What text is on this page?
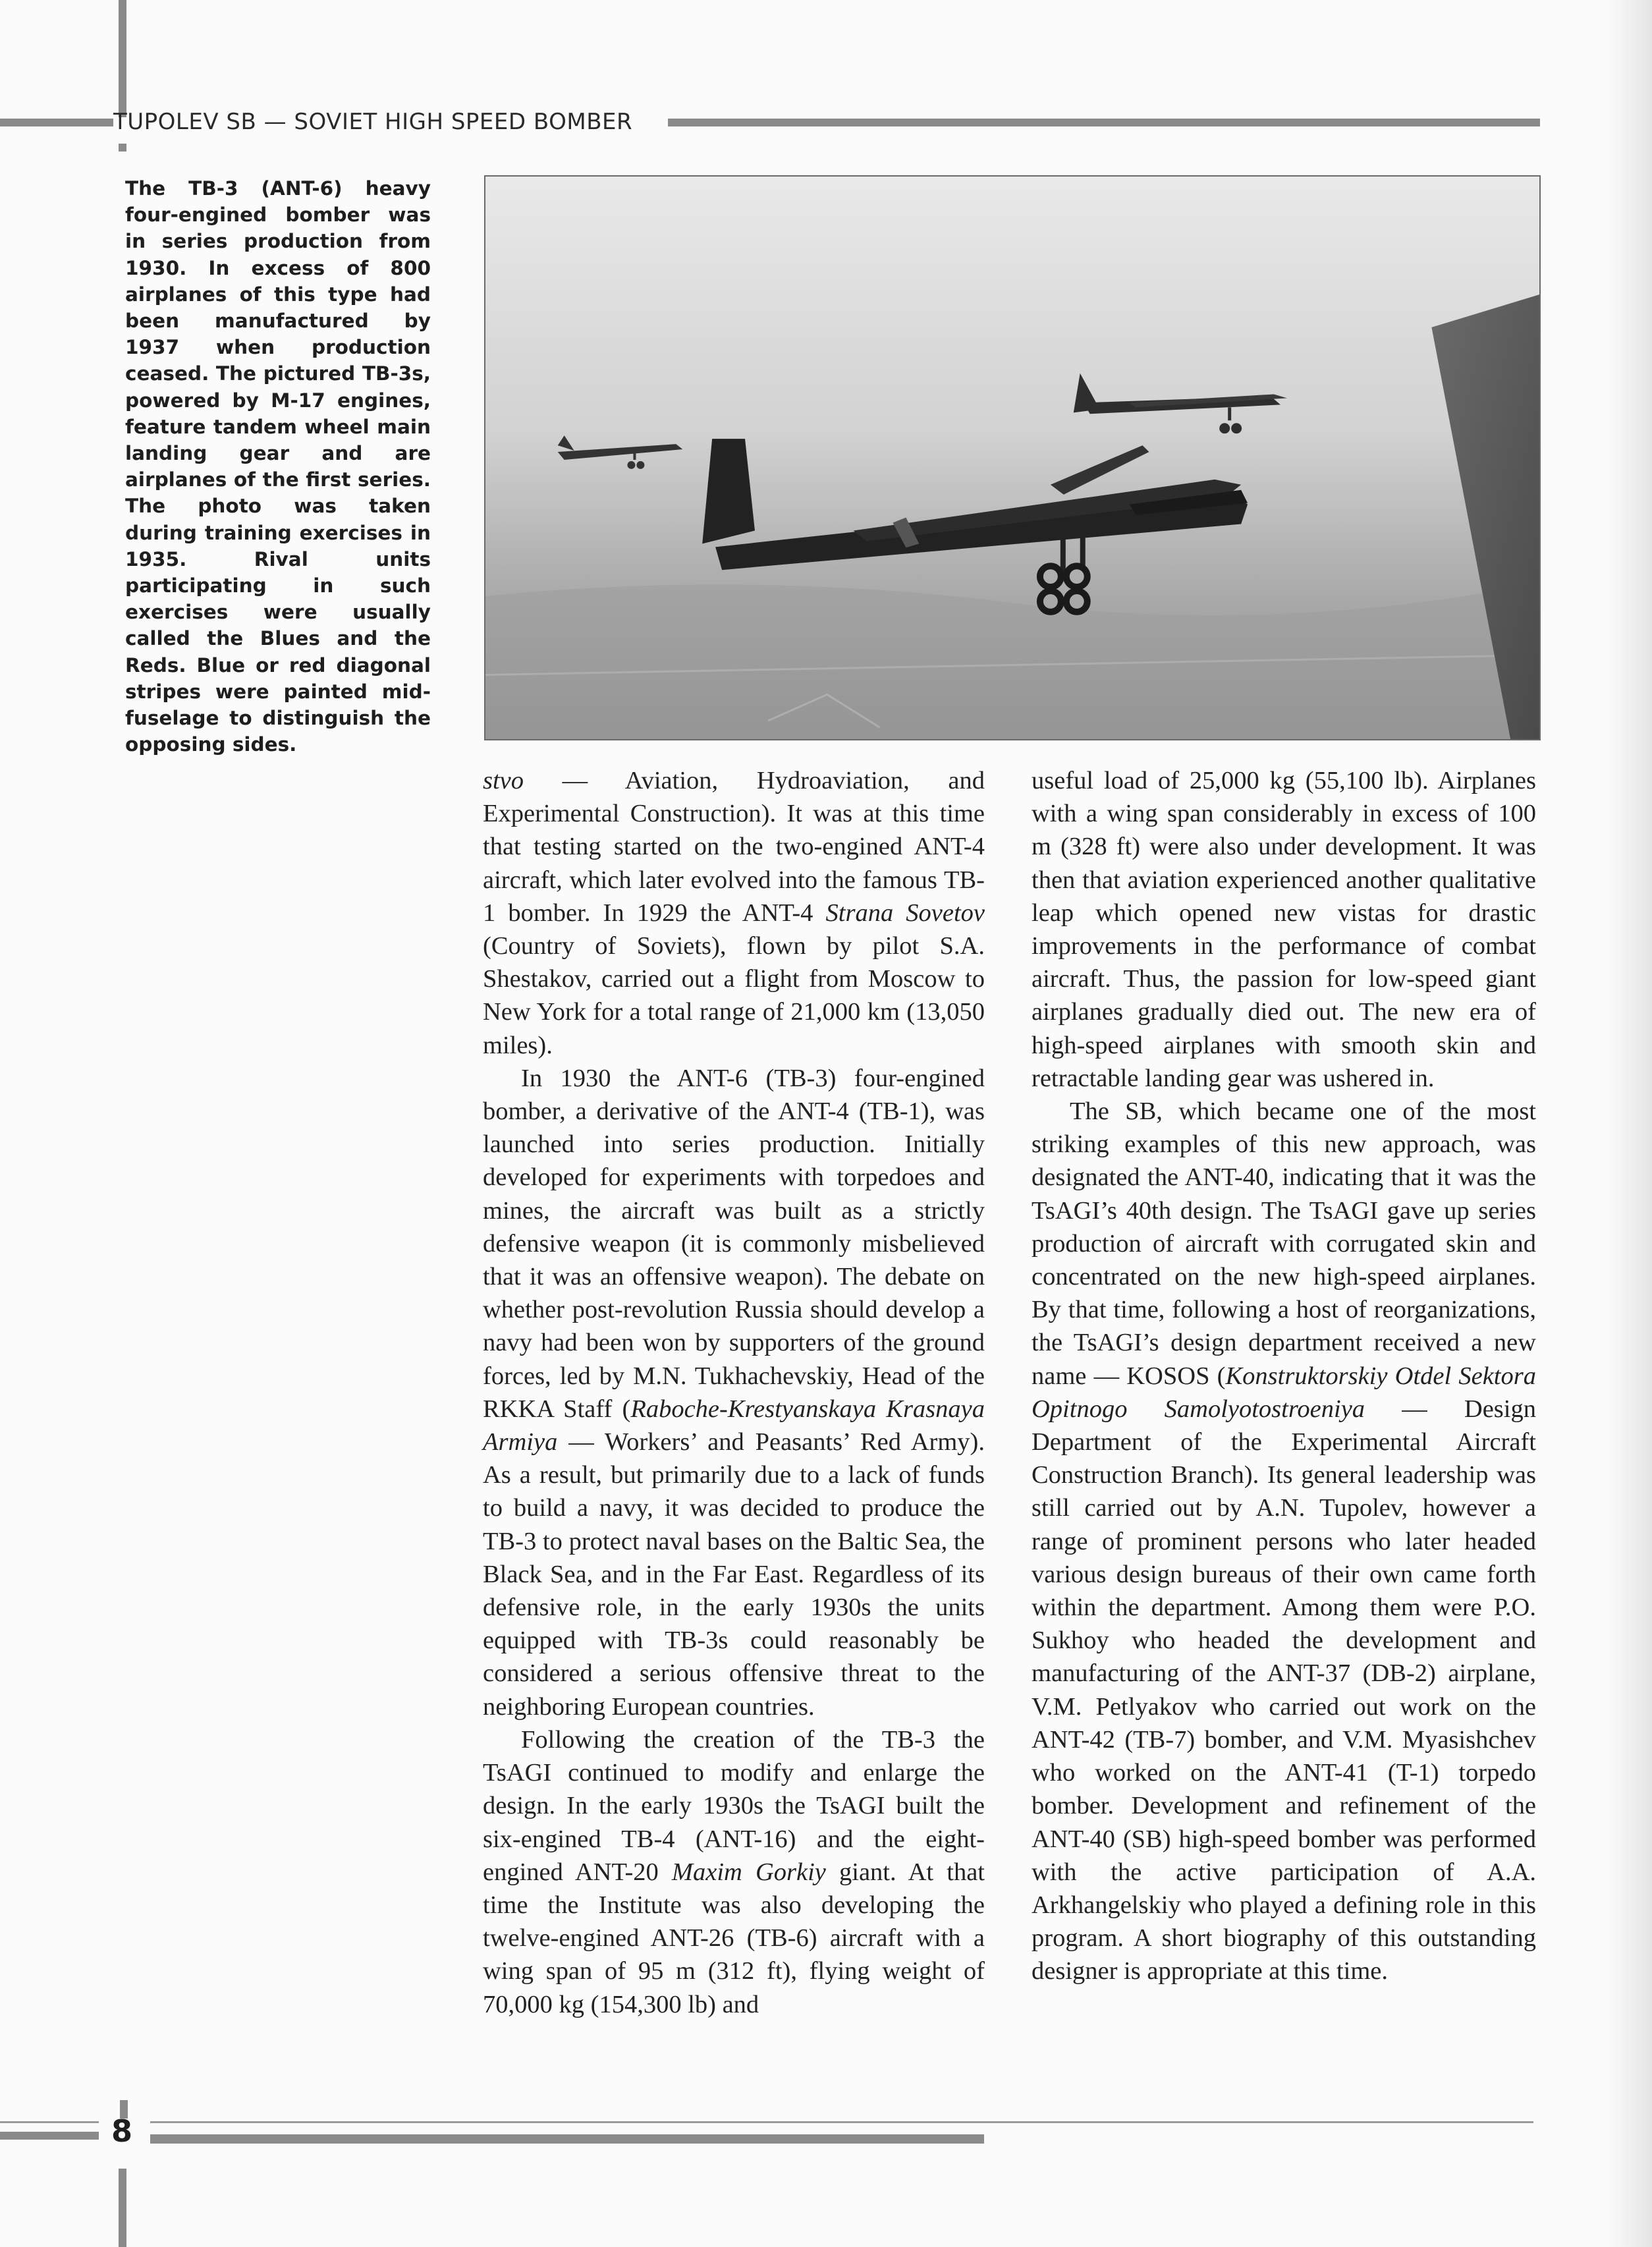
TUPOLEV SB — SOVIET HIGH SPEED BOMBER
The TB-3 (ANT-6) heavy four-engined bomber was in series production from 1930. In excess of 800 airplanes of this type had been manufactured by 1937 when production ceased. The pictured TB-3s, powered by M-17 engines, feature tandem wheel main landing gear and are airplanes of the first series. The photo was taken during training exercises in 1935. Rival units participating in such exercises were usually called the Blues and the Reds. Blue or red diagonal stripes were painted mid-fuselage to distinguish the opposing sides.

stvo — Aviation, Hydroaviation, and Experimental Construction). It was at this time that testing started on the two-engined ANT-4 aircraft, which later evolved into the famous TB-1 bomber. In 1929 the ANT-4 Strana Sovetov (Country of Soviets), flown by pilot S.A. Shestakov, carried out a flight from Moscow to New York for a total range of 21,000 km (13,050 miles).

In 1930 the ANT-6 (TB-3) four-engined bomber, a derivative of the ANT-4 (TB-1), was launched into series production. Initially developed for experiments with torpedoes and mines, the aircraft was built as a strictly defensive weapon (it is commonly misbelieved that it was an offensive weapon). The debate on whether post-revolution Russia should develop a navy had been won by supporters of the ground forces, led by M.N. Tukhachevskiy, Head of the RKKA Staff (Raboche-Krestyanskaya Krasnaya Armiya — Workers’ and Peasants’ Red Army). As a result, but primarily due to a lack of funds to build a navy, it was decided to produce the TB-3 to protect naval bases on the Baltic Sea, the Black Sea, and in the Far East. Regardless of its defensive role, in the early 1930s the units equipped with TB-3s could reasonably be considered a serious offensive threat to the neighboring European countries.

Following the creation of the TB-3 the TsAGI continued to modify and enlarge the design. In the early 1930s the TsAGI built the six-engined TB-4 (ANT-16) and the eight-engined ANT-20 Maxim Gorkiy giant. At that time the Institute was also developing the twelve-engined ANT-26 (TB-6) aircraft with a wing span of 95 m (312 ft), flying weight of 70,000 kg (154,300 lb) and

useful load of 25,000 kg (55,100 lb). Airplanes with a wing span considerably in excess of 100 m (328 ft) were also under development. It was then that aviation experienced another qualitative leap which opened new vistas for drastic improvements in the performance of combat aircraft. Thus, the passion for low-speed giant airplanes gradually died out. The new era of high-speed airplanes with smooth skin and retractable landing gear was ushered in.

The SB, which became one of the most striking examples of this new approach, was designated the ANT-40, indicating that it was the TsAGI’s 40th design. The TsAGI gave up series production of aircraft with corrugated skin and concentrated on the new high-speed airplanes. By that time, following a host of reorganizations, the TsAGI’s design department received a new name — KOSOS (Konstruktorskiy Otdel Sektora Opitnogo Samolyotostroeniya — Design Department of the Experimental Aircraft Construction Branch). Its general leadership was still carried out by A.N. Tupolev, however a range of prominent persons who later headed various design bureaus of their own came forth within the department. Among them were P.O. Sukhoy who headed the development and manufacturing of the ANT-37 (DB-2) airplane, V.M. Petlyakov who carried out work on the ANT-42 (TB-7) bomber, and V.M. Myasishchev who worked on the ANT-41 (T-1) torpedo bomber. Development and refinement of the ANT-40 (SB) high-speed bomber was performed with the active participation of A.A. Arkhangelskiy who played a defining role in this program. A short biography of this outstanding designer is appropriate at this time.

8
